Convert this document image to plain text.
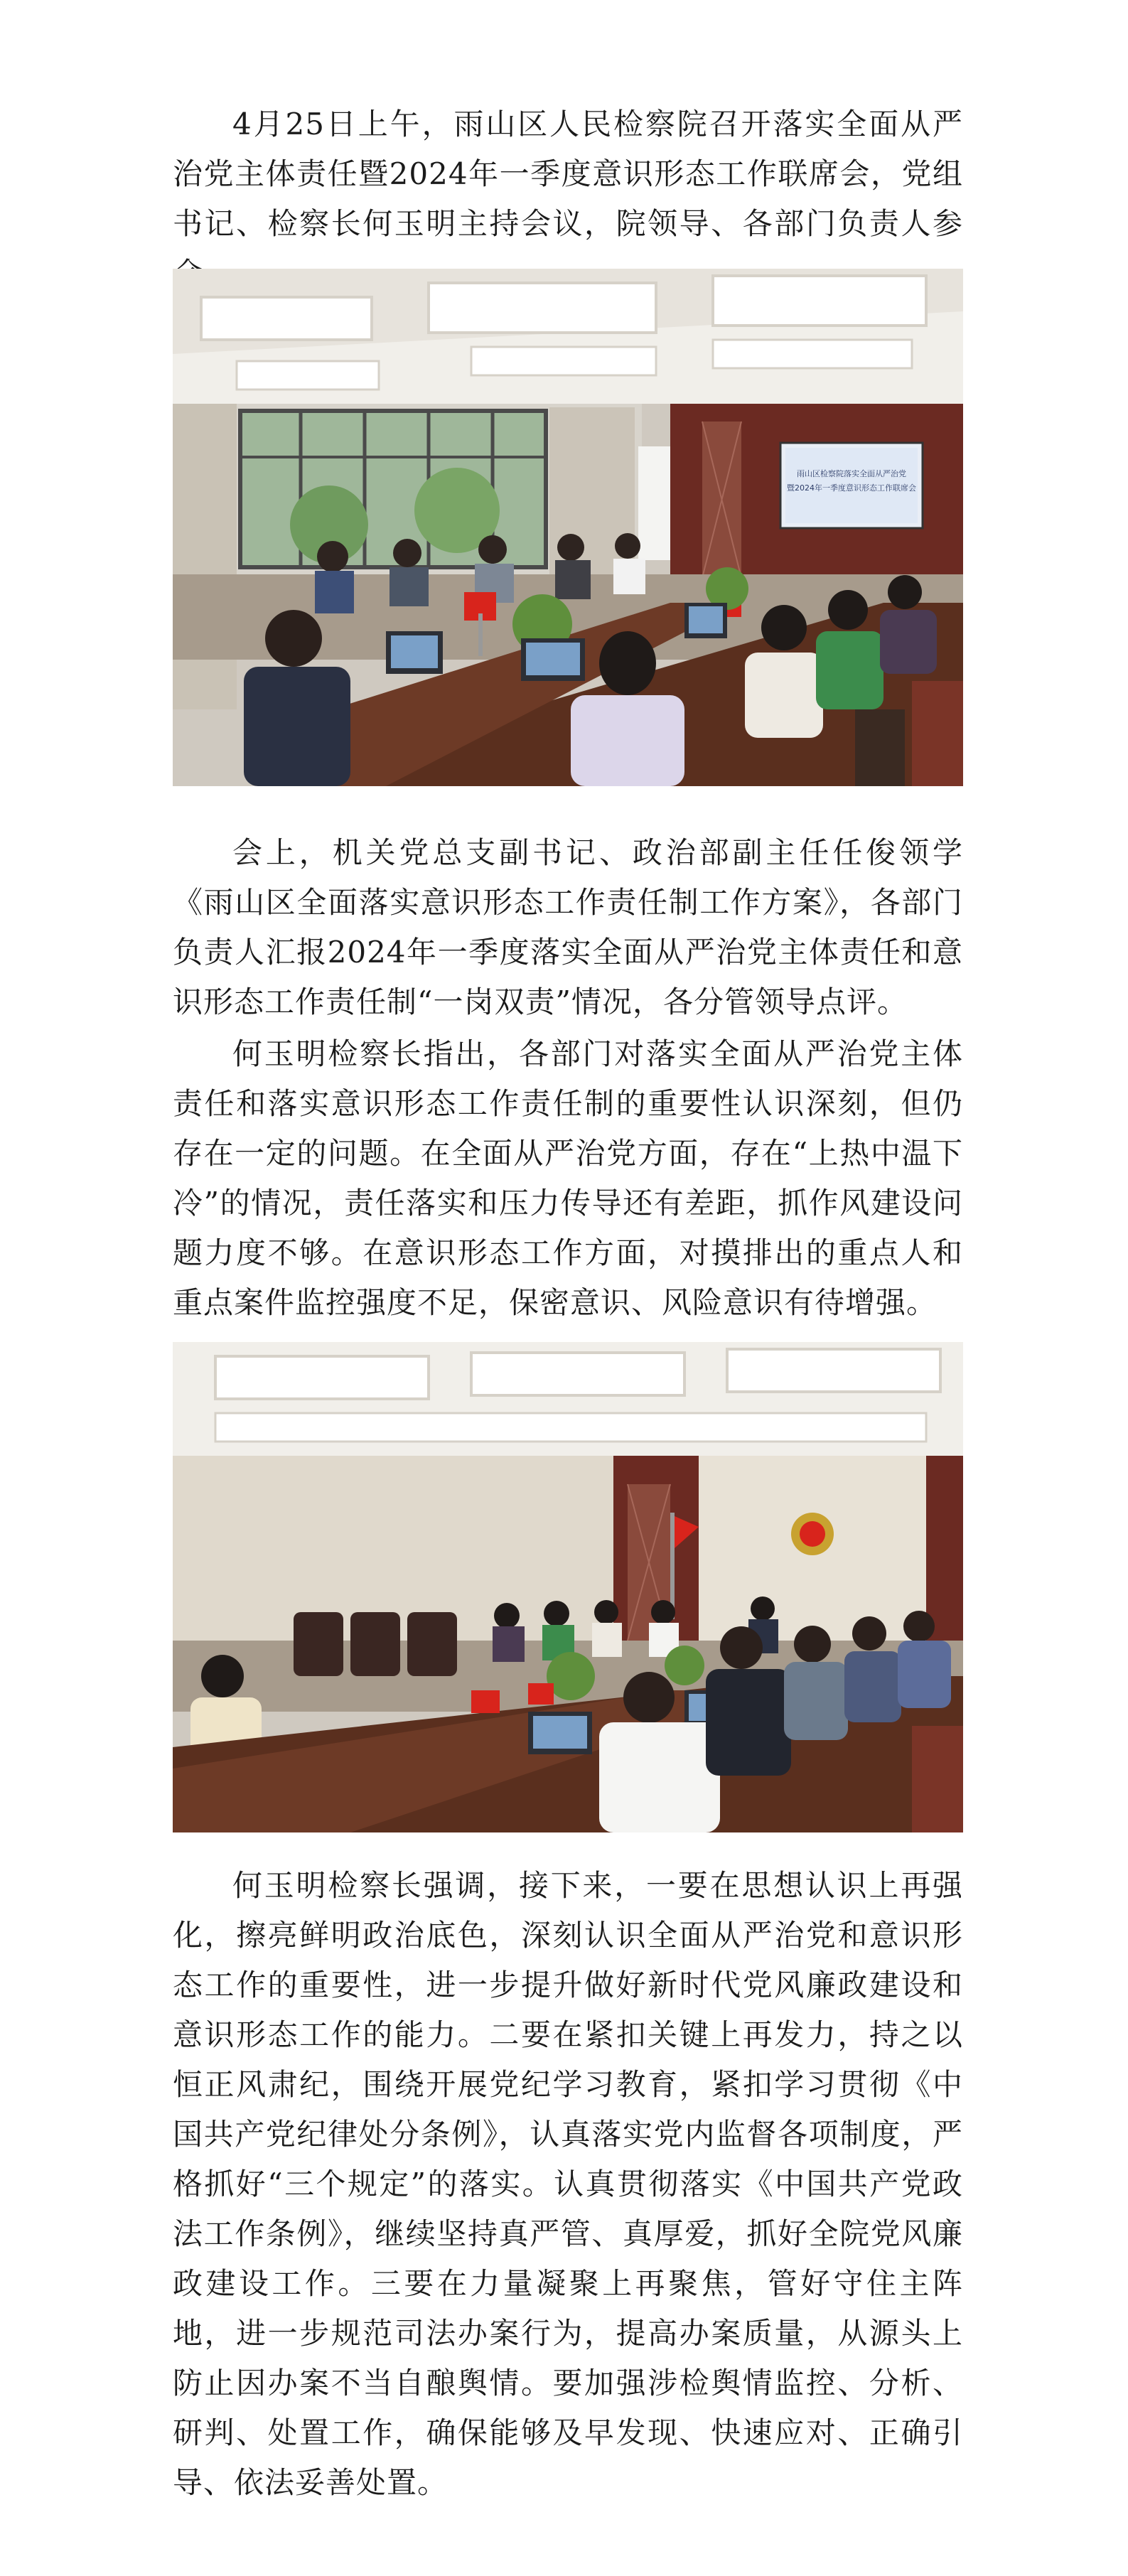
4月25日上午，雨山区人民检察院召开落实全面从严治党主体责任暨2024年一季度意识形态工作联席会，党组书记、检察长何玉明主持会议，院领导、各部门负责人参

雨山区检察院落实全面从严治党
暨2024年一季度意识形态工作联席会

会上，机关党总支副书记、政治部副主任任俊领学《雨山区全面落实意识形态工作责任制工作方案》，各部门负责人汇报2024年一季度落实全面从严治党主体责任和意识形态工作责任制“一岗双责”情况，各分管领导点评。

何玉明检察长指出，各部门对落实全面从严治党主体责任和落实意识形态工作责任制的重要性认识深刻，但仍存在一定的问题。在全面从严治党方面，存在“上热中温下冷”的情况，责任落实和压力传导还有差距，抓作风建设问题力度不够。在意识形态工作方面，对摸排出的重点人和重点案件监控强度不足，保密意识、风险意识有待增强。

何玉明检察长强调，接下来，一要在思想认识上再强化，擦亮鲜明政治底色，深刻认识全面从严治党和意识形态工作的重要性，进一步提升做好新时代党风廉政建设和意识形态工作的能力。二要在紧扣关键上再发力，持之以恒正风肃纪，围绕开展党纪学习教育，紧扣学习贯彻《中国共产党纪律处分条例》，认真落实党内监督各项制度，严格抓好“三个规定”的落实。认真贯彻落实《中国共产党政法工作条例》，继续坚持真严管、真厚爱，抓好全院党风廉政建设工作。三要在力量凝聚上再聚焦，管好守住主阵地，进一步规范司法办案行为，提高办案质量，从源头上防止因办案不当自酿舆情。要加强涉检舆情监控、分析、研判、处置工作，确保能够及早发现、快速应对、正确引导、依法妥善处置。
